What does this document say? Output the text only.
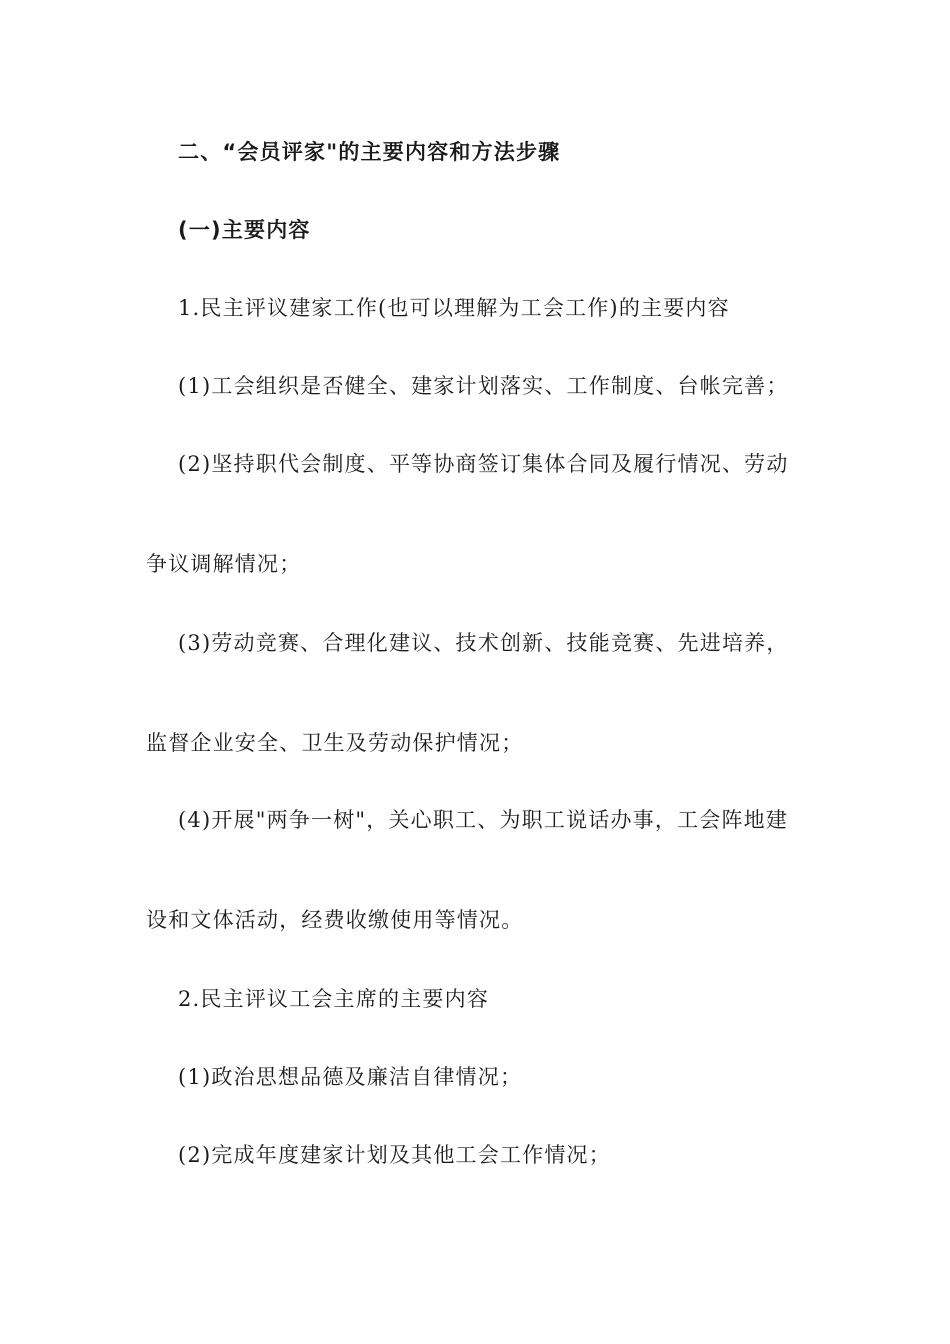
二、“会员评家"的主要内容和方法步骤

(一)主要内容

1.民主评议建家工作(也可以理解为工会工作)的主要内容

(1)工会组织是否健全、建家计划落实、工作制度、台帐完善；

(2)坚持职代会制度、平等协商签订集体合同及履行情况、劳动

争议调解情况；

(3)劳动竞赛、合理化建议、技术创新、技能竞赛、先进培养，

监督企业安全、卫生及劳动保护情况；

(4)开展"两争一树"，关心职工、为职工说话办事，工会阵地建

设和文体活动，经费收缴使用等情况。

2.民主评议工会主席的主要内容

(1)政治思想品德及廉洁自律情况；

(2)完成年度建家计划及其他工会工作情况；
